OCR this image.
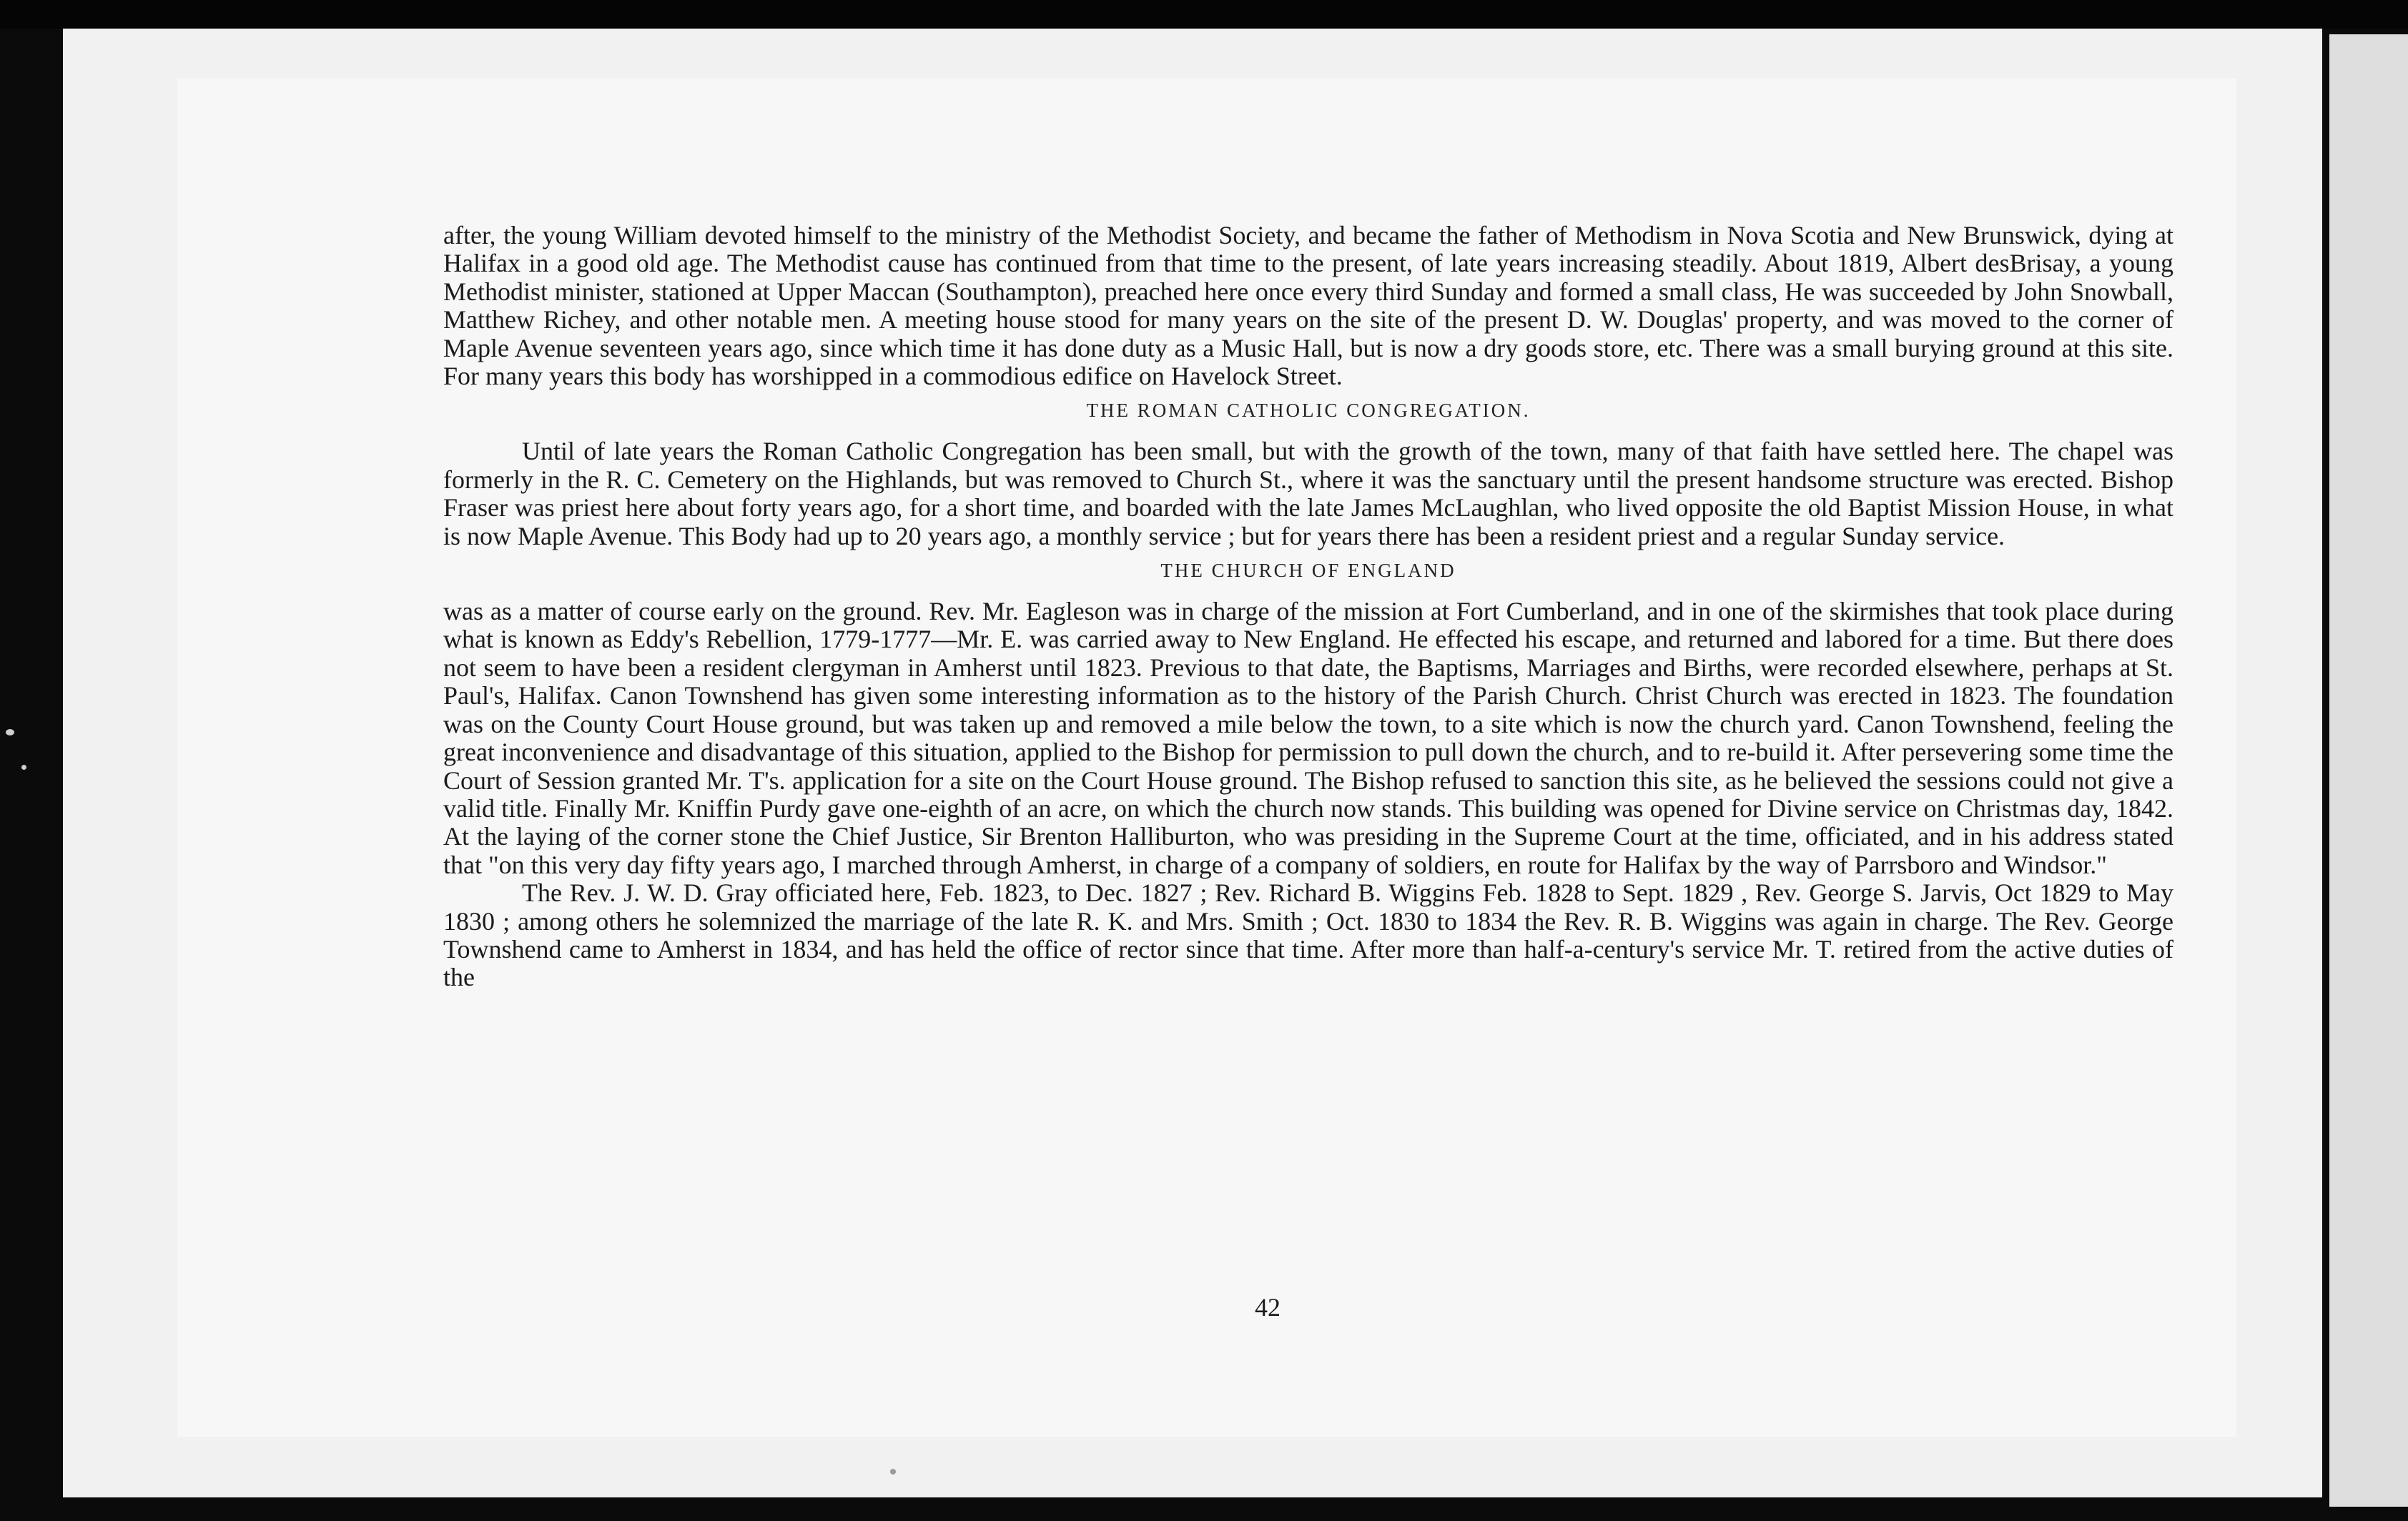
after, the young William devoted himself to the ministry of the Methodist Society, and became the father of Methodism in Nova Scotia and New Brunswick, dying at Halifax in a good old age. The Methodist cause has continued from that time to the present, of late years increasing steadily. About 1819, Albert desBrisay, a young Methodist minister, stationed at Upper Maccan (Southampton), preached here once every third Sunday and formed a small class, He was succeeded by John Snowball, Matthew Richey, and other notable men. A meeting house stood for many years on the site of the present D. W. Douglas' property, and was moved to the corner of Maple Avenue seventeen years ago, since which time it has done duty as a Music Hall, but is now a dry goods store, etc. There was a small burying ground at this site. For many years this body has worshipped in a commodious edifice on Havelock Street.

THE ROMAN CATHOLIC CONGREGATION.

Until of late years the Roman Catholic Congregation has been small, but with the growth of the town, many of that faith have settled here. The chapel was formerly in the R. C. Cemetery on the Highlands, but was removed to Church St., where it was the sanctuary until the present handsome structure was erected. Bishop Fraser was priest here about forty years ago, for a short time, and boarded with the late James McLaughlan, who lived opposite the old Baptist Mission House, in what is now Maple Avenue. This Body had up to 20 years ago, a monthly service ; but for years there has been a resident priest and a regular Sunday service.

THE CHURCH OF ENGLAND

was as a matter of course early on the ground. Rev. Mr. Eagleson was in charge of the mission at Fort Cumberland, and in one of the skirmishes that took place during what is known as Eddy's Rebellion, 1779-1777—Mr. E. was carried away to New England. He effected his escape, and returned and labored for a time. But there does not seem to have been a resident clergyman in Amherst until 1823. Previous to that date, the Baptisms, Marriages and Births, were recorded elsewhere, perhaps at St. Paul's, Halifax. Canon Townshend has given some interesting information as to the history of the Parish Church. Christ Church was erected in 1823. The foundation was on the County Court House ground, but was taken up and removed a mile below the town, to a site which is now the church yard. Canon Townshend, feeling the great inconvenience and disadvantage of this situation, applied to the Bishop for permission to pull down the church, and to re-build it. After persevering some time the Court of Session granted Mr. T's. application for a site on the Court House ground. The Bishop refused to sanction this site, as he believed the sessions could not give a valid title. Finally Mr. Kniffin Purdy gave one-eighth of an acre, on which the church now stands. This building was opened for Divine service on Christmas day, 1842. At the laying of the corner stone the Chief Justice, Sir Brenton Halliburton, who was presiding in the Supreme Court at the time, officiated, and in his address stated that "on this very day fifty years ago, I marched through Amherst, in charge of a company of soldiers, en route for Halifax by the way of Parrsboro and Windsor."

The Rev. J. W. D. Gray officiated here, Feb. 1823, to Dec. 1827 ; Rev. Richard B. Wiggins Feb. 1828 to Sept. 1829 , Rev. George S. Jarvis, Oct 1829 to May 1830 ; among others he solemnized the marriage of the late R. K. and Mrs. Smith ; Oct. 1830 to 1834 the Rev. R. B. Wiggins was again in charge. The Rev. George Townshend came to Amherst in 1834, and has held the office of rector since that time. After more than half-a-century's service Mr. T. retired from the active duties of the

42
